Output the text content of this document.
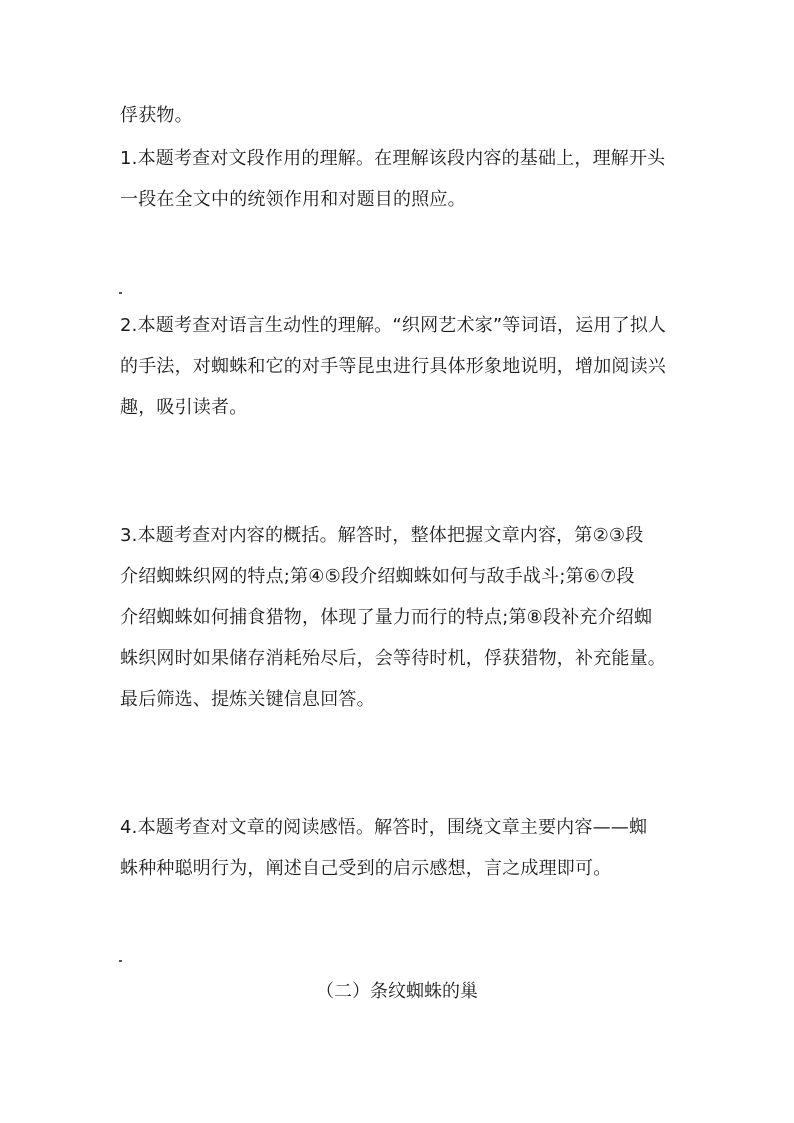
俘获物。
1.本题考查对文段作用的理解。在理解该段内容的基础上，理解开头
一段在全文中的统领作用和对题目的照应。
2.本题考查对语言生动性的理解。“织网艺术家”等词语，运用了拟人
的手法，对蜘蛛和它的对手等昆虫进行具体形象地说明，增加阅读兴
趣，吸引读者。
3.本题考查对内容的概括。解答时，整体把握文章内容，第②③段
介绍蜘蛛织网的特点;第④⑤段介绍蜘蛛如何与敌手战斗;第⑥⑦段
介绍蜘蛛如何捕食猎物，体现了量力而行的特点;第⑧段补充介绍蜘
蛛织网时如果储存消耗殆尽后，会等待时机，俘获猎物，补充能量。
最后筛选、提炼关键信息回答。
4.本题考查对文章的阅读感悟。解答时，围绕文章主要内容——蜘
蛛种种聪明行为，阐述自己受到的启示感想，言之成理即可。
（二）条纹蜘蛛的巢
